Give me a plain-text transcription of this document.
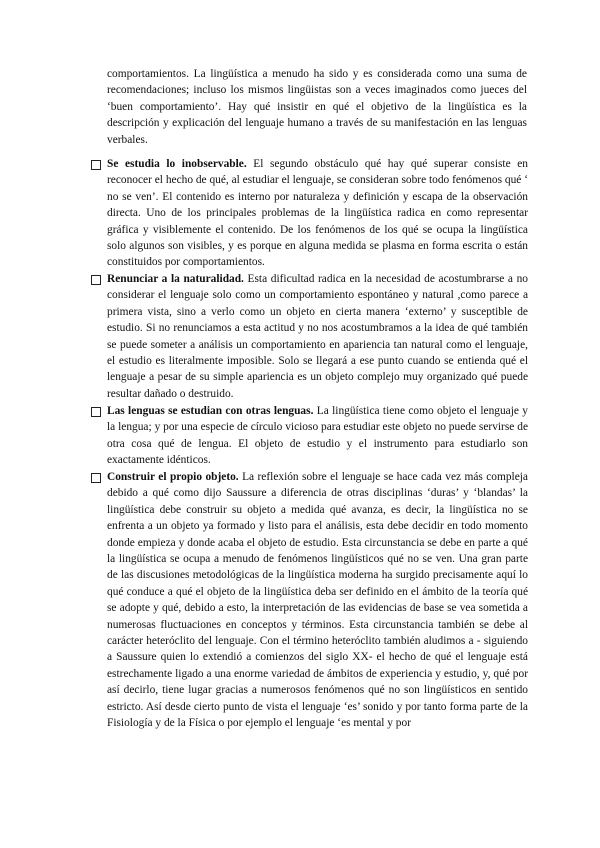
comportamientos. La lingüística a menudo ha sido y es considerada como una suma de recomendaciones; incluso los mismos lingüistas son a veces imaginados como jueces del ‘buen comportamiento’. Hay qué insistir en qué el objetivo de la lingüística es la descripción y explicación del lenguaje humano a través de su manifestación en las lenguas verbales.

Se estudia lo inobservable. El segundo obstáculo qué hay qué superar consiste en reconocer el hecho de qué, al estudiar el lenguaje, se consideran sobre todo fenómenos qué ‘ no se ven’. El contenido es interno por naturaleza y definición y escapa de la observación directa. Uno de los principales problemas de la lingüística radica en como representar gráfica y visiblemente el contenido. De los fenómenos de los qué se ocupa la lingüística solo algunos son visibles, y es porque en alguna medida se plasma en forma escrita o están constituidos por comportamientos.

Renunciar a la naturalidad. Esta dificultad radica en la necesidad de acostumbrarse a no considerar el lenguaje solo como un comportamiento espontáneo y natural ,como parece a primera vista, sino a verlo como un objeto en cierta manera ‘externo’ y susceptible de estudio. Si no renunciamos a esta actitud y no nos acostumbramos a la idea de qué también se puede someter a análisis un comportamiento en apariencia tan natural como el lenguaje, el estudio es literalmente imposible. Solo se llegará a ese punto cuando se entienda qué el lenguaje a pesar de su simple apariencia es un objeto complejo muy organizado qué puede resultar dañado o destruido.

Las lenguas se estudian con otras lenguas. La lingüística tiene como objeto el lenguaje y la lengua; y por una especie de círculo vicioso para estudiar este objeto no puede servirse de otra cosa qué de lengua. El objeto de estudio y el instrumento para estudiarlo son exactamente idénticos.

Construir el propio objeto. La reflexión sobre el lenguaje se hace cada vez más compleja debido a qué como dijo Saussure a diferencia de otras disciplinas ‘duras’ y ‘blandas’ la lingüística debe construir su objeto a medida qué avanza, es decir, la lingüística no se enfrenta a un objeto ya formado y listo para el análisis, esta debe decidir en todo momento donde empieza y donde acaba el objeto de estudio. Esta circunstancia se debe en parte a qué la lingüística se ocupa a menudo de fenómenos lingüísticos qué no se ven. Una gran parte de las discusiones metodológicas de la lingüística moderna ha surgido precisamente aquí lo qué conduce a qué el objeto de la lingüística deba ser definido en el ámbito de la teoría qué se adopte y qué, debido a esto, la interpretación de las evidencias de base se vea sometida a numerosas fluctuaciones en conceptos y términos. Esta circunstancia también se debe al carácter heteróclito del lenguaje. Con el término heteróclito también aludimos a - siguiendo a Saussure quien lo extendió a comienzos del siglo XX- el hecho de qué el lenguaje está estrechamente ligado a una enorme variedad de ámbitos de experiencia y estudio, y, qué por así decirlo, tiene lugar gracias a numerosos fenómenos qué no son lingüísticos en sentido estricto. Así desde cierto punto de vista el lenguaje ‘es’ sonido y por tanto forma parte de la Fisiología y de la Física o por ejemplo el lenguaje ‘es mental y por
